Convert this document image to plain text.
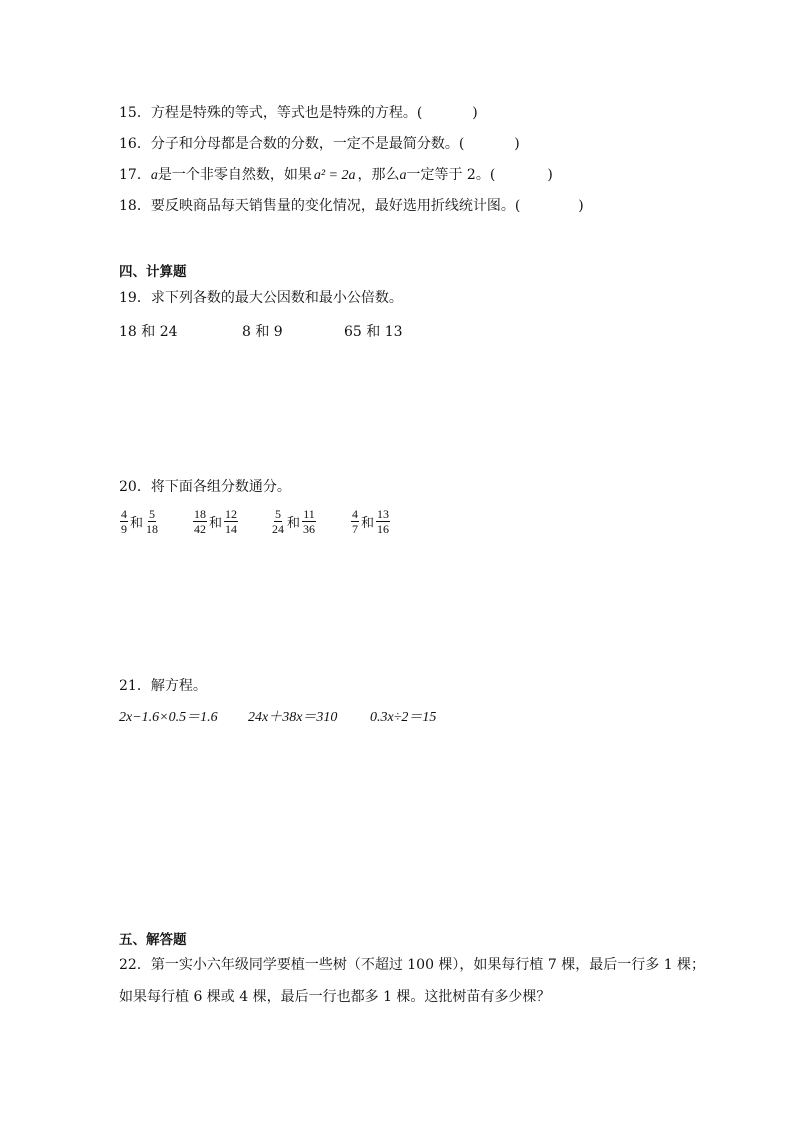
15．方程是特殊的等式，等式也是特殊的方程。(	)
16．分子和分母都是合数的分数，一定不是最简分数。(	)
17．a是一个非零自然数，如果 a² = 2a ，那么a一定等于 2。(	)
18．要反映商品每天销售量的变化情况，最好选用折线统计图。(	)
四、计算题
19．求下列各数的最大公因数和最小公倍数。
18 和 24	8 和 9	65 和 13
20．将下面各组分数通分。
$\frac{4}{9}$ 和 $\frac{5}{18}$	$\frac{18}{42}$ 和 $\frac{12}{14}$	$\frac{5}{24}$ 和 $\frac{11}{36}$	$\frac{4}{7}$ 和 $\frac{13}{16}$
21．解方程。
2x−1.6×0.5＝1.6 24x＋38x＝310 0.3x÷2＝15
五、解答题
22．第一实小六年级同学要植一些树（不超过 100 棵），如果每行植 7 棵，最后一行多 1 棵；
如果每行植 6 棵或 4 棵，最后一行也都多 1 棵。这批树苗有多少棵？
